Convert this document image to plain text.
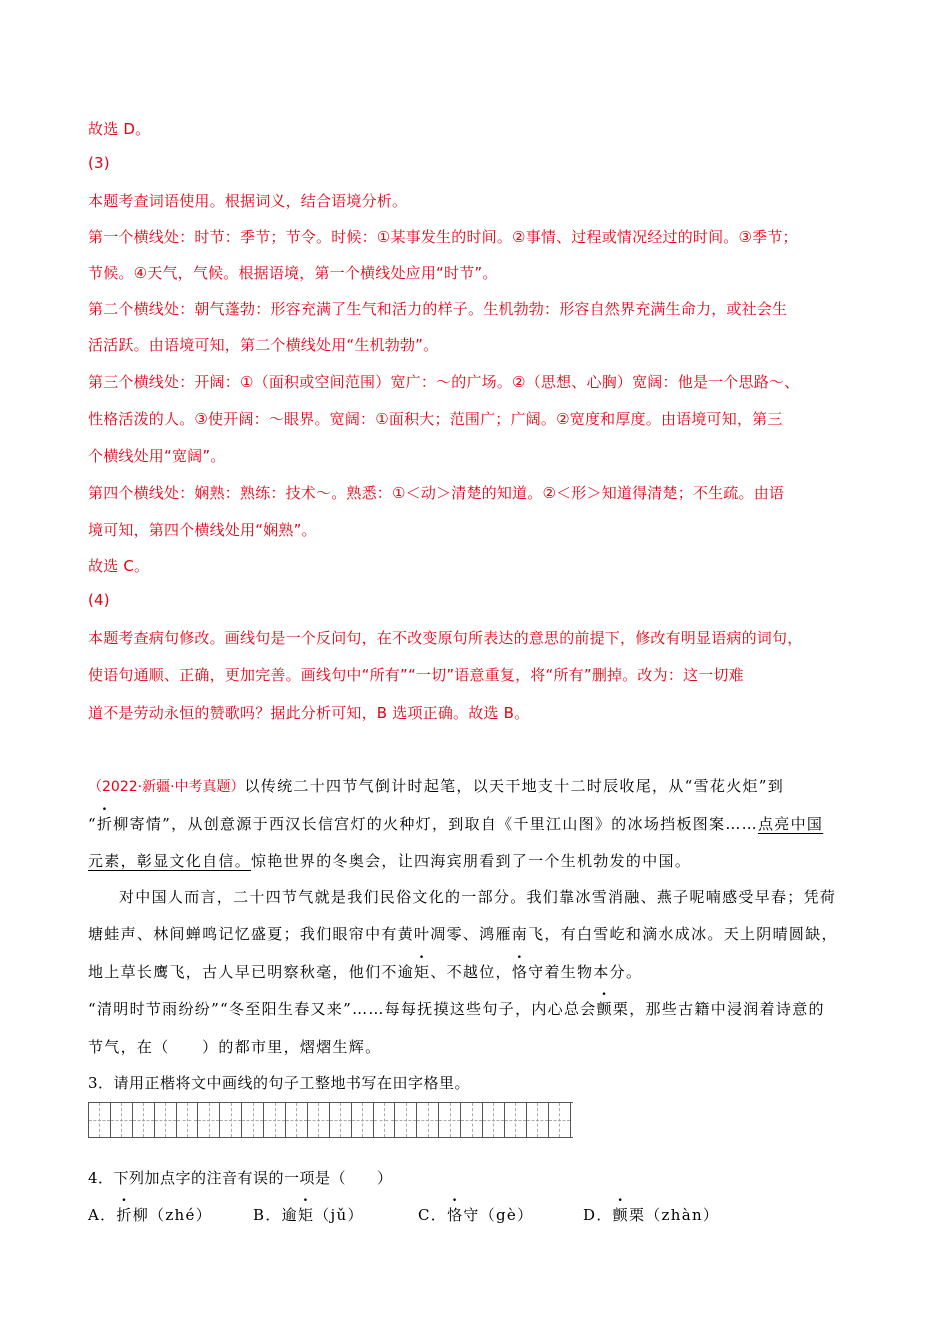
故选 D。
(3)
本题考查词语使用。根据词义，结合语境分析。
第一个横线处：时节：季节；节令。时候：①某事发生的时间。②事情、过程或情况经过的时间。③季节；
节候。④天气，气候。根据语境，第一个横线处应用“时节”。
第二个横线处：朝气蓬勃：形容充满了生气和活力的样子。生机勃勃：形容自然界充满生命力，或社会生
活活跃。由语境可知，第二个横线处用“生机勃勃”。
第三个横线处：开阔：①（面积或空间范围）宽广：～的广场。②（思想、心胸）宽阔：他是一个思路～、
性格活泼的人。③使开阔：～眼界。宽阔：①面积大；范围广；广阔。②宽度和厚度。由语境可知，第三
个横线处用“宽阔”。
第四个横线处：娴熟：熟练：技术～。熟悉：①＜动＞清楚的知道。②＜形＞知道得清楚；不生疏。由语
境可知，第四个横线处用“娴熟”。
故选 C。
(4)
本题考查病句修改。画线句是一个反问句，在不改变原句所表达的意思的前提下，修改有明显语病的词句，
使语句通顺、正确，更加完善。画线句中“所有”“一切”语意重复，将“所有”删掉。改为：这一切难
道不是劳动永恒的赞歌吗？据此分析可知，B 选项正确。故选 B。
（2022·新疆·中考真题）以传统二十四节气倒计时起笔，以天干地支十二时辰收尾，从“雪花火炬”到
“折柳寄情”，从创意源于西汉长信宫灯的火种灯，到取自《千里江山图》的冰场挡板图案……点亮中国
元素，彰显文化自信。惊艳世界的冬奥会，让四海宾朋看到了一个生机勃发的中国。
对中国人而言，二十四节气就是我们民俗文化的一部分。我们靠冰雪消融、燕子呢喃感受早春；凭荷
塘蛙声、林间蝉鸣记忆盛夏；我们眼帘中有黄叶凋零、鸿雁南飞，有白雪屹和滴水成冰。天上阴晴圆缺，
地上草长鹰飞，古人早已明察秋毫，他们不逾矩、不越位，恪守着生物本分。
“清明时节雨纷纷”“冬至阳生春又来”……每每抚摸这些句子，内心总会颤栗，那些古籍中浸润着诗意的
节气，在（　　）的都市里，熠熠生辉。
3．请用正楷将文中画线的句子工整地书写在田字格里。
4．下列加点字的注音有误的一项是（　　）
A．折柳（zhé）	B．逾矩（jǔ）	C．恪守（gè）	D．颤栗（zhàn）
